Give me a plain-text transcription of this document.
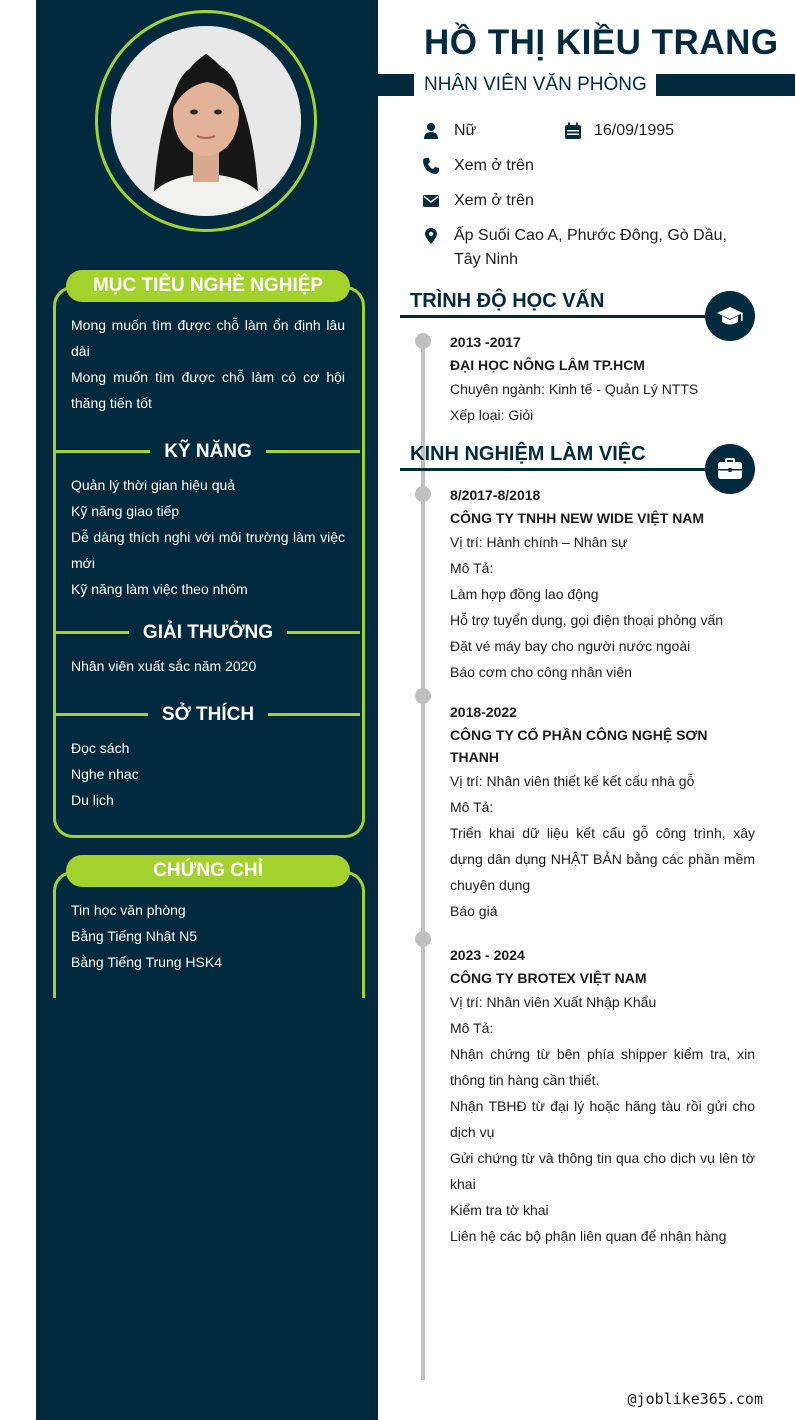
MỤC TIÊU NGHỀ NGHIỆP
Mong muốn tìm được chỗ làm ổn định lâu dài
Mong muốn tìm được chỗ làm có cơ hội thăng tiến tốt
KỸ NĂNG
Quản lý thời gian hiệu quả
Kỹ năng giao tiếp
Dễ dàng thích nghi với môi trường làm việc mới
Kỹ năng làm việc theo nhóm
GIẢI THƯỞNG
Nhân viên xuất sắc năm 2020
SỞ THÍCH
Đọc sách
Nghe nhạc
Du lịch
CHỨNG CHỈ
Tin học văn phòng
Bằng Tiếng Nhật N5
Bằng Tiếng Trung HSK4
HỒ THỊ KIỀU TRANG
NHÂN VIÊN VĂN PHÒNG
Nữ	16/09/1995
Xem ở trên
Xem ở trên
Ấp Suối Cao A, Phước Đông, Gò Dầu, Tây Ninh
TRÌNH ĐỘ HỌC VẤN
2013 -2017
ĐẠI HỌC NÔNG LÂM TP.HCM
Chuyên ngành: Kinh tế - Quản Lý NTTS
Xếp loại: Giỏi
KINH NGHIỆM LÀM VIỆC
8/2017-8/2018
CÔNG TY TNHH NEW WIDE VIỆT NAM
Vị trí: Hành chính – Nhân sự
Mô Tả:
Làm hợp đồng lao động
Hỗ trợ tuyển dụng, gọi điện thoại phỏng vấn
Đặt vé máy bay cho người nước ngoài
Báo cơm cho công nhân viên
2018-2022
CÔNG TY CỔ PHẦN CÔNG NGHỆ SƠN THANH
Vị trí: Nhân viên thiết kế kết cấu nhà gỗ
Mô Tả:
Triển khai dữ liệu kết cấu gỗ công trình, xây dựng dân dụng NHẬT BẢN bằng các phần mềm chuyên dụng
Báo giá
2023 - 2024
CÔNG TY BROTEX VIỆT NAM
Vị trí: Nhân viên Xuất Nhập Khẩu
Mô Tả:
Nhận chứng từ bên phía shipper kiểm tra, xin thông tin hàng cần thiết.
Nhận TBHĐ từ đại lý hoặc hãng tàu rồi gửi cho dịch vụ
Gửi chứng từ và thông tin qua cho dịch vụ lên tờ khai
Kiểm tra tờ khai
Liên hệ các bộ phận liên quan để nhận hàng
@joblike365.com
